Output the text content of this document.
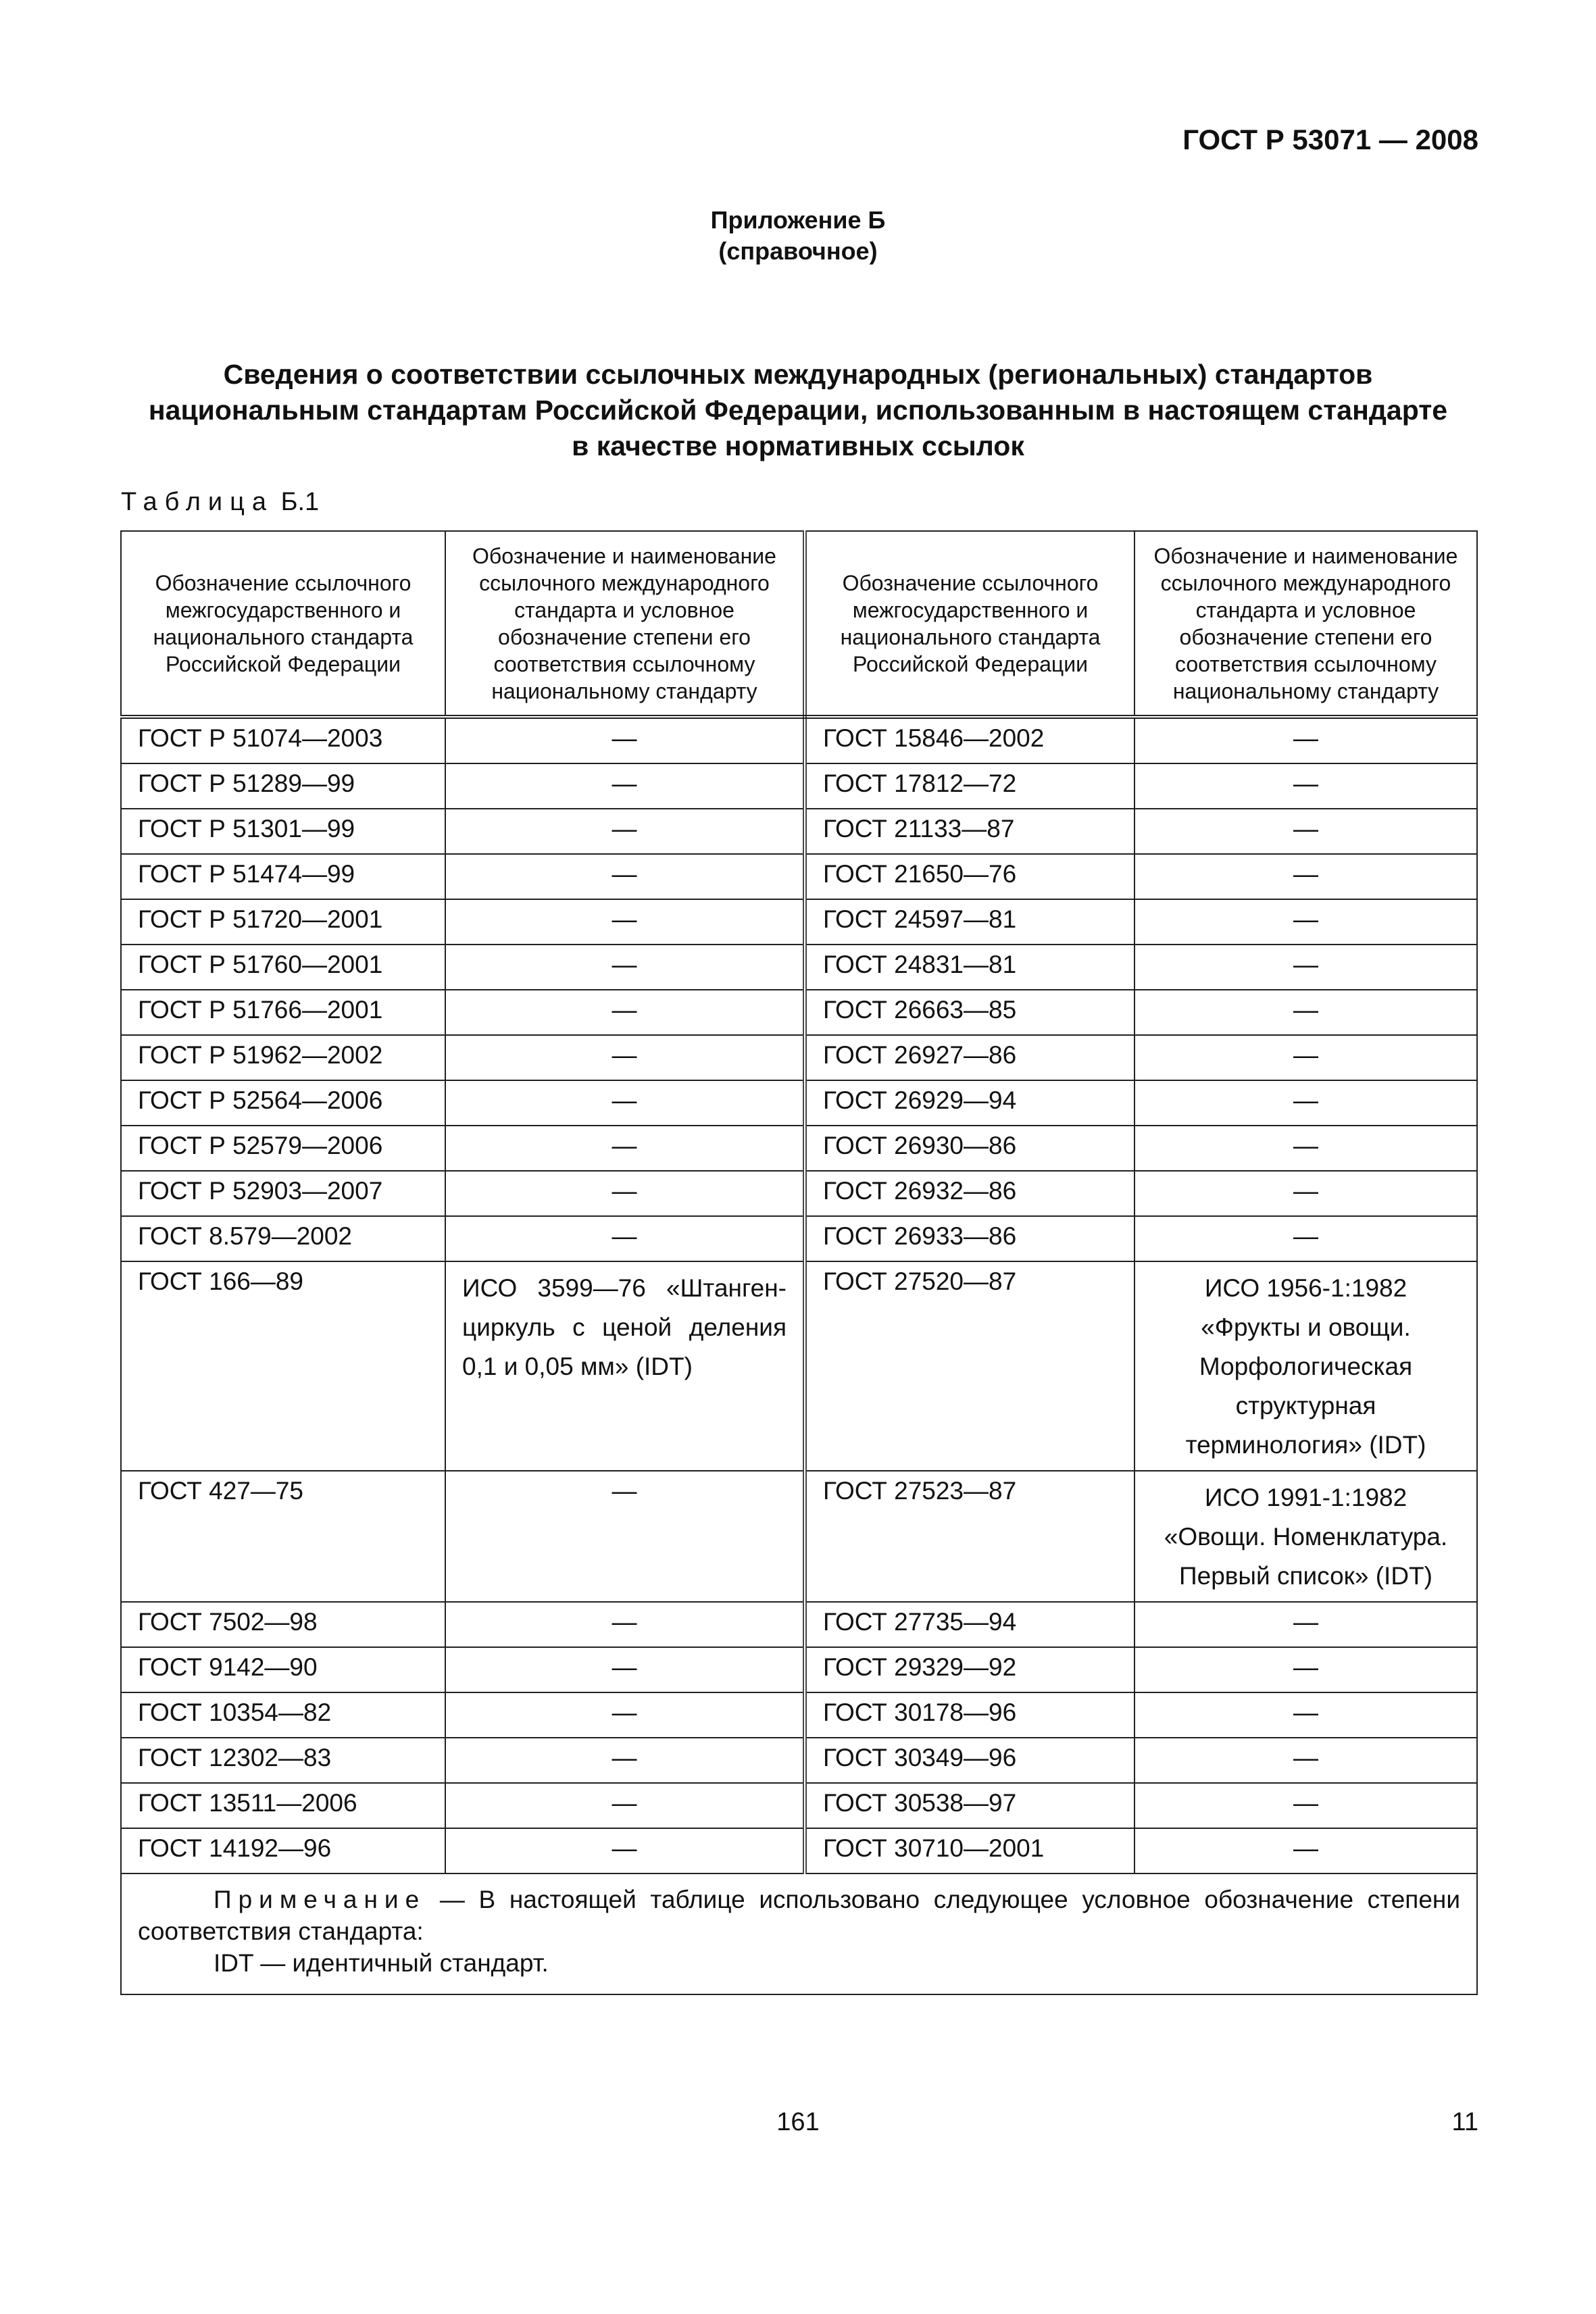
ГОСТ Р 53071 — 2008
Приложение Б
(справочное)
Сведения о соответствии ссылочных международных (региональных) стандартов
национальным стандартам Российской Федерации, использованным в настоящем стандарте
в качестве нормативных ссылок
Таблица Б.1
Обозначение ссылочного межгосударственного и национального стандарта Российской Федерации	Обозначение и наименование ссылочного международного стандарта и условное обозначение степени его соответствия ссылочному национальному стандарту	Обозначение ссылочного межгосударственного и национального стандарта Российской Федерации	Обозначение и наименование ссылочного международного стандарта и условное обозначение степени его соответствия ссылочному национальному стандарту
ГОСТ Р 51074—2003	—	ГОСТ 15846—2002	—
ГОСТ Р 51289—99	—	ГОСТ 17812—72	—
ГОСТ Р 51301—99	—	ГОСТ 21133—87	—
ГОСТ Р 51474—99	—	ГОСТ 21650—76	—
ГОСТ Р 51720—2001	—	ГОСТ 24597—81	—
ГОСТ Р 51760—2001	—	ГОСТ 24831—81	—
ГОСТ Р 51766—2001	—	ГОСТ 26663—85	—
ГОСТ Р 51962—2002	—	ГОСТ 26927—86	—
ГОСТ Р 52564—2006	—	ГОСТ 26929—94	—
ГОСТ Р 52579—2006	—	ГОСТ 26930—86	—
ГОСТ Р 52903—2007	—	ГОСТ 26932—86	—
ГОСТ 8.579—2002	—	ГОСТ 26933—86	—
ГОСТ 166—89	ИСО 3599—76 «Штанген-циркуль с ценой деления 0,1 и 0,05 мм» (IDT)	ГОСТ 27520—87	ИСО 1956-1:1982 «Фрукты и овощи. Морфологическая структурная терминология» (IDT)
ГОСТ 427—75	—	ГОСТ 27523—87	ИСО 1991-1:1982 «Овощи. Номенклатура. Первый список» (IDT)
ГОСТ 7502—98	—	ГОСТ 27735—94	—
ГОСТ 9142—90	—	ГОСТ 29329—92	—
ГОСТ 10354—82	—	ГОСТ 30178—96	—
ГОСТ 12302—83	—	ГОСТ 30349—96	—
ГОСТ 13511—2006	—	ГОСТ 30538—97	—
ГОСТ 14192—96	—	ГОСТ 30710—2001	—

Примечание — В настоящей таблице использовано следующее условное обозначение степени соответствия стандарта:
IDT — идентичный стандарт.			
161	11
